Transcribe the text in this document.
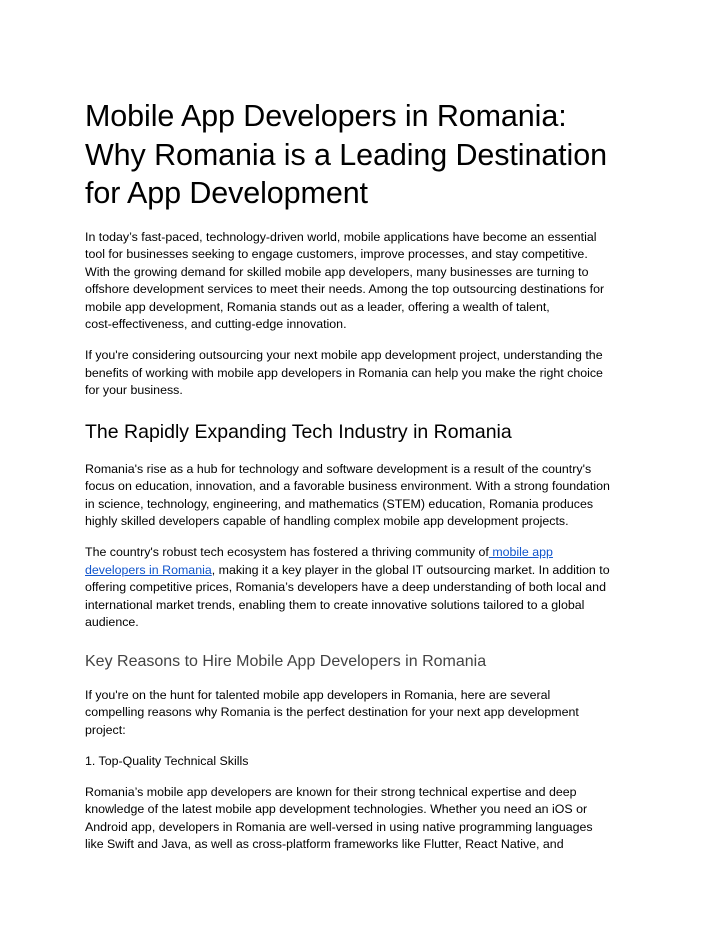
Mobile App Developers in Romania:
Why Romania is a Leading Destination
for App Development

In today’s fast-paced, technology-driven world, mobile applications have become an essential
tool for businesses seeking to engage customers, improve processes, and stay competitive.
With the growing demand for skilled mobile app developers, many businesses are turning to
offshore development services to meet their needs. Among the top outsourcing destinations for
mobile app development, Romania stands out as a leader, offering a wealth of talent,
cost-effectiveness, and cutting-edge innovation.

If you're considering outsourcing your next mobile app development project, understanding the
benefits of working with mobile app developers in Romania can help you make the right choice
for your business.

The Rapidly Expanding Tech Industry in Romania

Romania's rise as a hub for technology and software development is a result of the country's
focus on education, innovation, and a favorable business environment. With a strong foundation
in science, technology, engineering, and mathematics (STEM) education, Romania produces
highly skilled developers capable of handling complex mobile app development projects.

The country's robust tech ecosystem has fostered a thriving community of mobile app
developers in Romania, making it a key player in the global IT outsourcing market. In addition to
offering competitive prices, Romania’s developers have a deep understanding of both local and
international market trends, enabling them to create innovative solutions tailored to a global
audience.

Key Reasons to Hire Mobile App Developers in Romania

If you're on the hunt for talented mobile app developers in Romania, here are several
compelling reasons why Romania is the perfect destination for your next app development
project:

1. Top-Quality Technical Skills

Romania’s mobile app developers are known for their strong technical expertise and deep
knowledge of the latest mobile app development technologies. Whether you need an iOS or
Android app, developers in Romania are well-versed in using native programming languages
like Swift and Java, as well as cross-platform frameworks like Flutter, React Native, and
